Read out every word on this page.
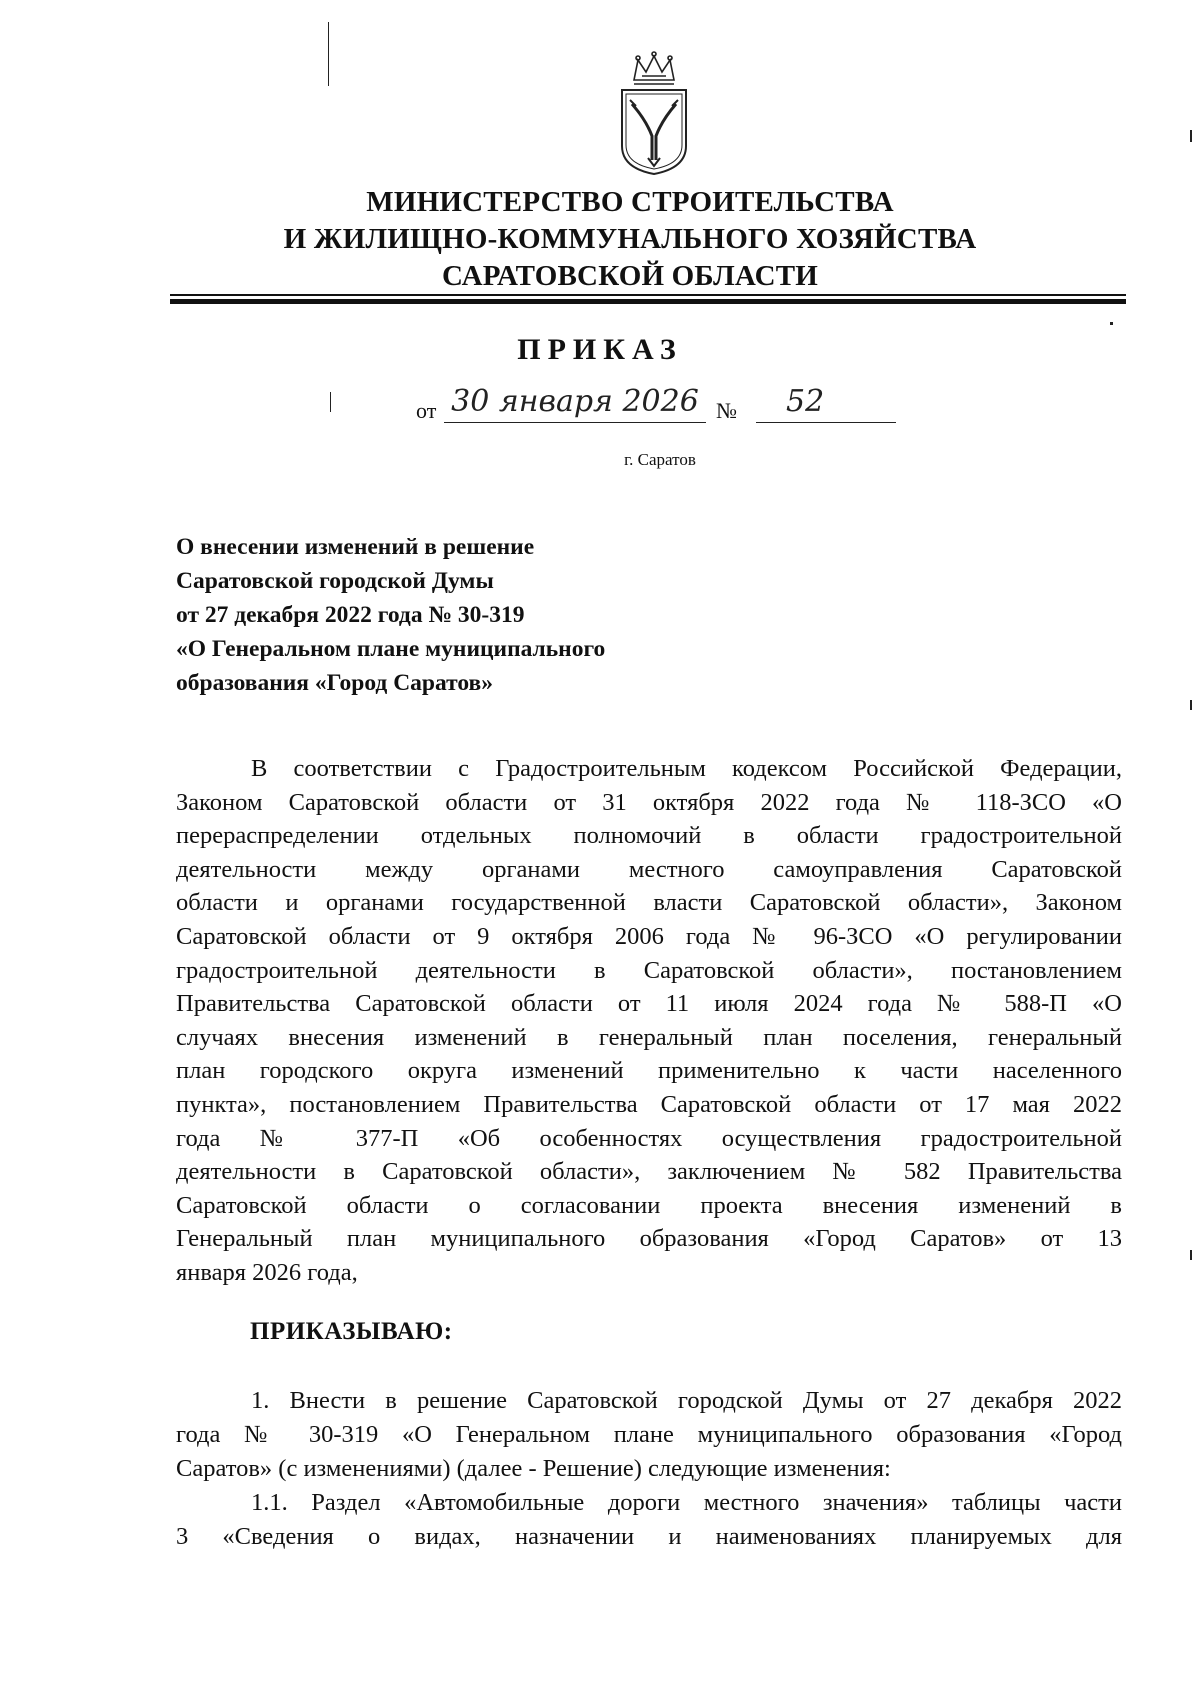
МИНИСТЕРСТВО СТРОИТЕЛЬСТВА
И ЖИЛИЩНО-КОММУНАЛЬНОГО ХОЗЯЙСТВА
САРАТОВСКОЙ ОБЛАСТИ
ПРИКАЗ
от 30 января 2026 №	52
г. Саратов
О внесении изменений в решение
Саратовской городской Думы
от 27 декабря 2022 года № 30-319
«О Генеральном плане муниципального
образования «Город Саратов»
В соответствии с Градостроительным кодексом Российской Федерации,
Законом Саратовской области от 31 октября 2022 года № 118-ЗСО «О
перераспределении отдельных полномочий в области градостроительной
деятельности между органами местного самоуправления Саратовской
области и органами государственной власти Саратовской области», Законом
Саратовской области от 9 октября 2006 года № 96-ЗСО «О регулировании
градостроительной деятельности в Саратовской области», постановлением
Правительства Саратовской области от 11 июля 2024 года № 588-П «О
случаях внесения изменений в генеральный план поселения, генеральный
план городского округа изменений применительно к части населенного
пункта», постановлением Правительства Саратовской области от 17 мая 2022
года № 377-П «Об особенностях осуществления градостроительной
деятельности в Саратовской области», заключением № 582 Правительства
Саратовской области о согласовании проекта внесения изменений в
Генеральный план муниципального образования «Город Саратов» от 13
января 2026 года,
ПРИКАЗЫВАЮ:
1. Внести в решение Саратовской городской Думы от 27 декабря 2022
года № 30-319 «О Генеральном плане муниципального образования «Город
Саратов» (с изменениями) (далее - Решение) следующие изменения:
1.1. Раздел «Автомобильные дороги местного значения» таблицы части
3 «Сведения о видах, назначении и наименованиях планируемых для
